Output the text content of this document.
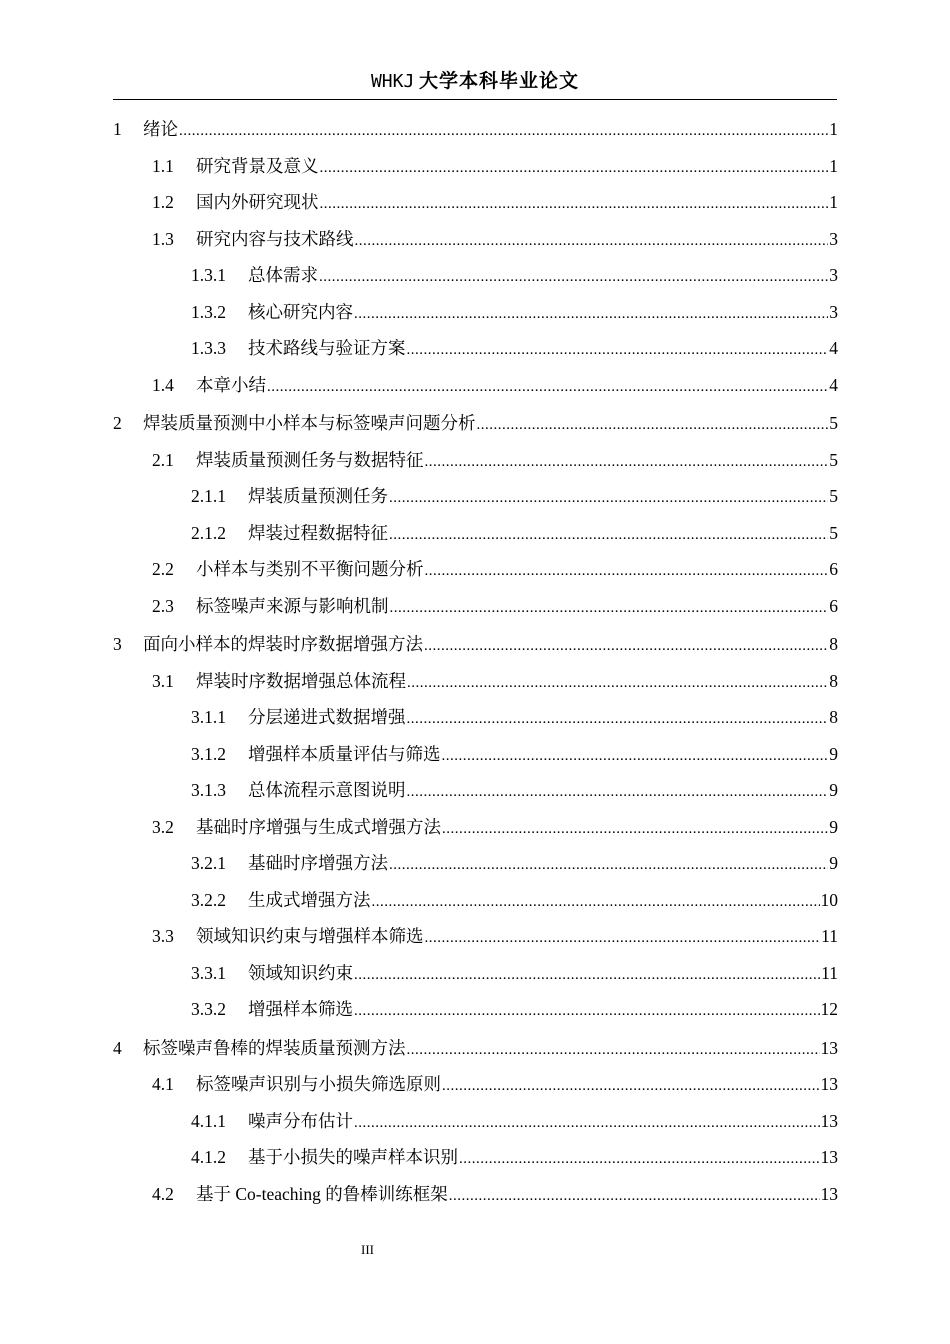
WHKJ 大学本科毕业论文
1	绪论 .....	1
1.1	研究背景及意义 .....	1
1.2	国内外研究现状 .....	1
1.3	研究内容与技术路线 .....	3
1.3.1	总体需求 .....	3
1.3.2	核心研究内容 .....	3
1.3.3	技术路线与验证方案 .....	4
1.4	本章小结 .....	4
2	焊装质量预测中小样本与标签噪声问题分析 .....	5
2.1	焊装质量预测任务与数据特征 .....	5
2.1.1	焊装质量预测任务 .....	5
2.1.2	焊装过程数据特征 .....	5
2.2	小样本与类别不平衡问题分析 .....	6
2.3	标签噪声来源与影响机制 .....	6
3	面向小样本的焊装时序数据增强方法 .....	8
3.1	焊装时序数据增强总体流程 .....	8
3.1.1	分层递进式数据增强 .....	8
3.1.2	增强样本质量评估与筛选 .....	9
3.1.3	总体流程示意图说明 .....	9
3.2	基础时序增强与生成式增强方法 .....	9
3.2.1	基础时序增强方法 .....	9
3.2.2	生成式增强方法 .....	10
3.3	领域知识约束与增强样本筛选 .....	11
3.3.1	领域知识约束 .....	11
3.3.2	增强样本筛选 .....	12
4	标签噪声鲁棒的焊装质量预测方法 .....	13
4.1	标签噪声识别与小损失筛选原则 .....	13
4.1.1	噪声分布估计 .....	13
4.1.2	基于小损失的噪声样本识别 .....	13
4.2	基于 Co-teaching 的鲁棒训练框架 .....	13
III
